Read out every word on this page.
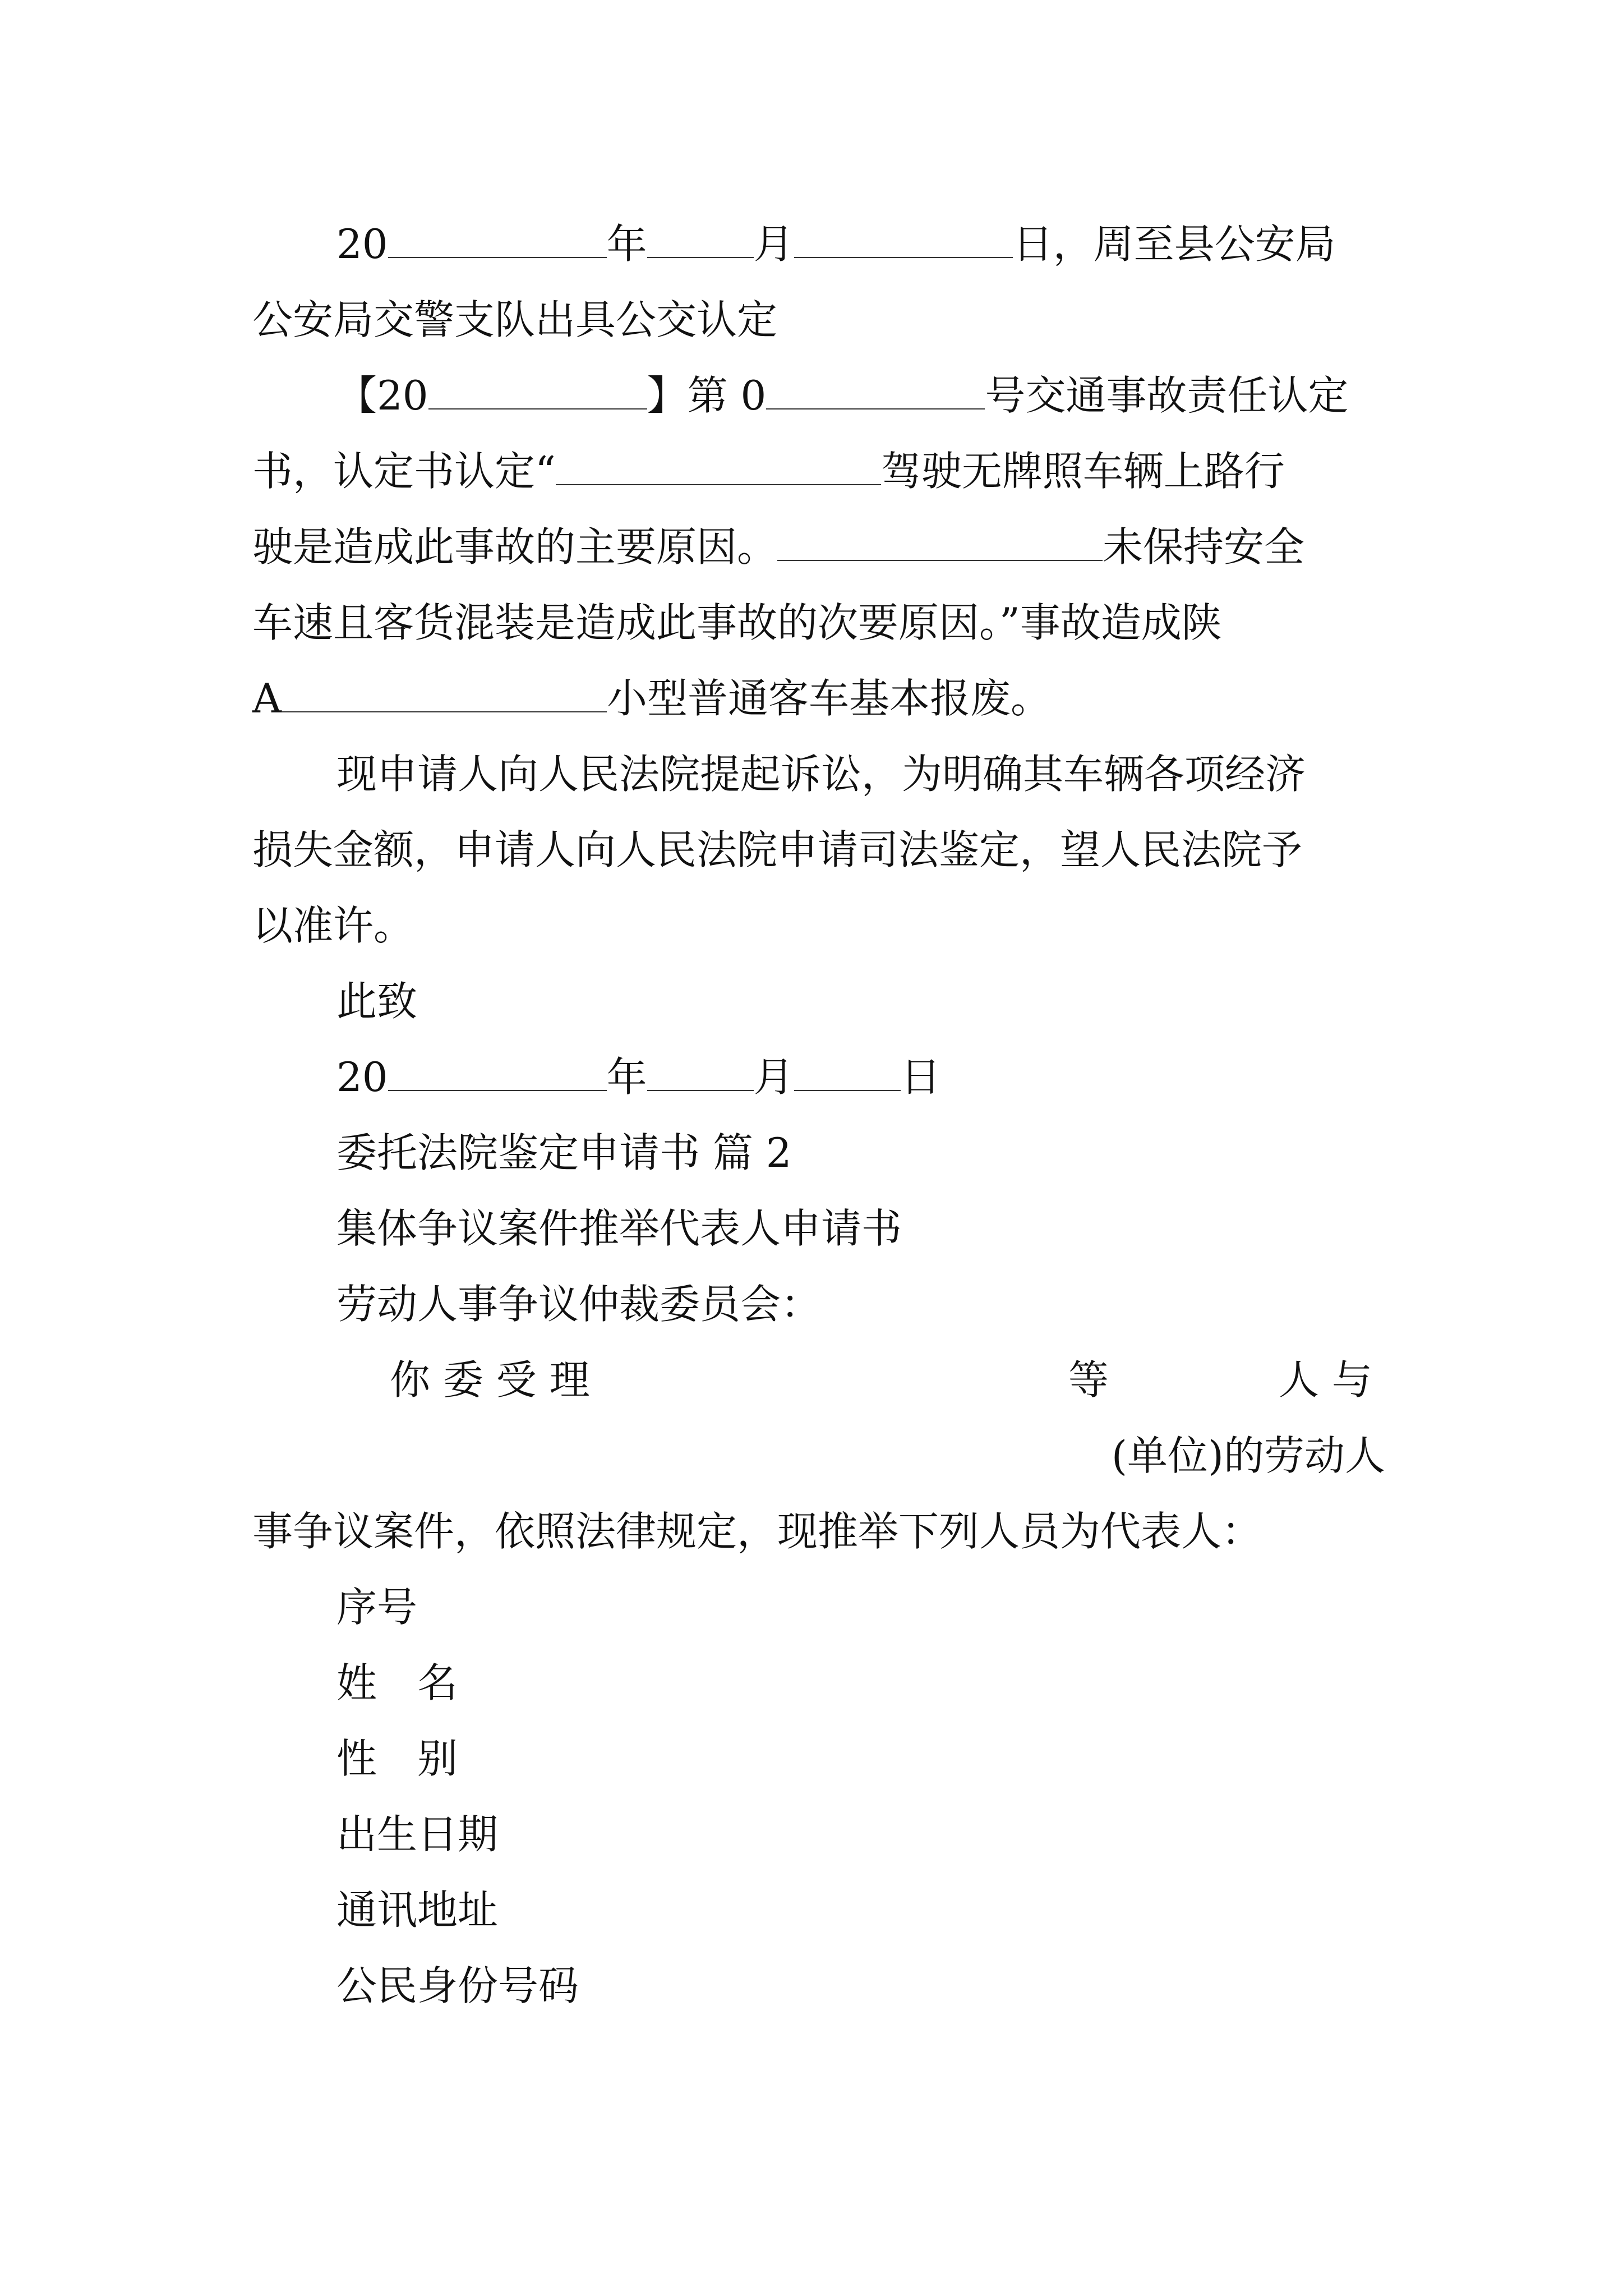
20	年	月	日，周至县公安局
公安局交警支队出具公交认定
【20	】第 0	号交通事故责任认定
书，认定书认定“	驾驶无牌照车辆上路行
驶是造成此事故的主要原因。	未保持安全
车速且客货混装是造成此事故的次要原因。”事故造成陕
A	小型普通客车基本报废。
现申请人向人民法院提起诉讼，为明确其车辆各项经济
损失金额，申请人向人民法院申请司法鉴定，望人民法院予
以准许。
此致
20	年	月	日
委托法院鉴定申请书 篇 2
集体争议案件推举代表人申请书
劳动人事争议仲裁委员会：
你 委 受 理	等	人 与
(单位)的劳动人
事争议案件，依照法律规定，现推举下列人员为代表人：
序号
姓　名
性　别
出生日期
通讯地址
公民身份号码
